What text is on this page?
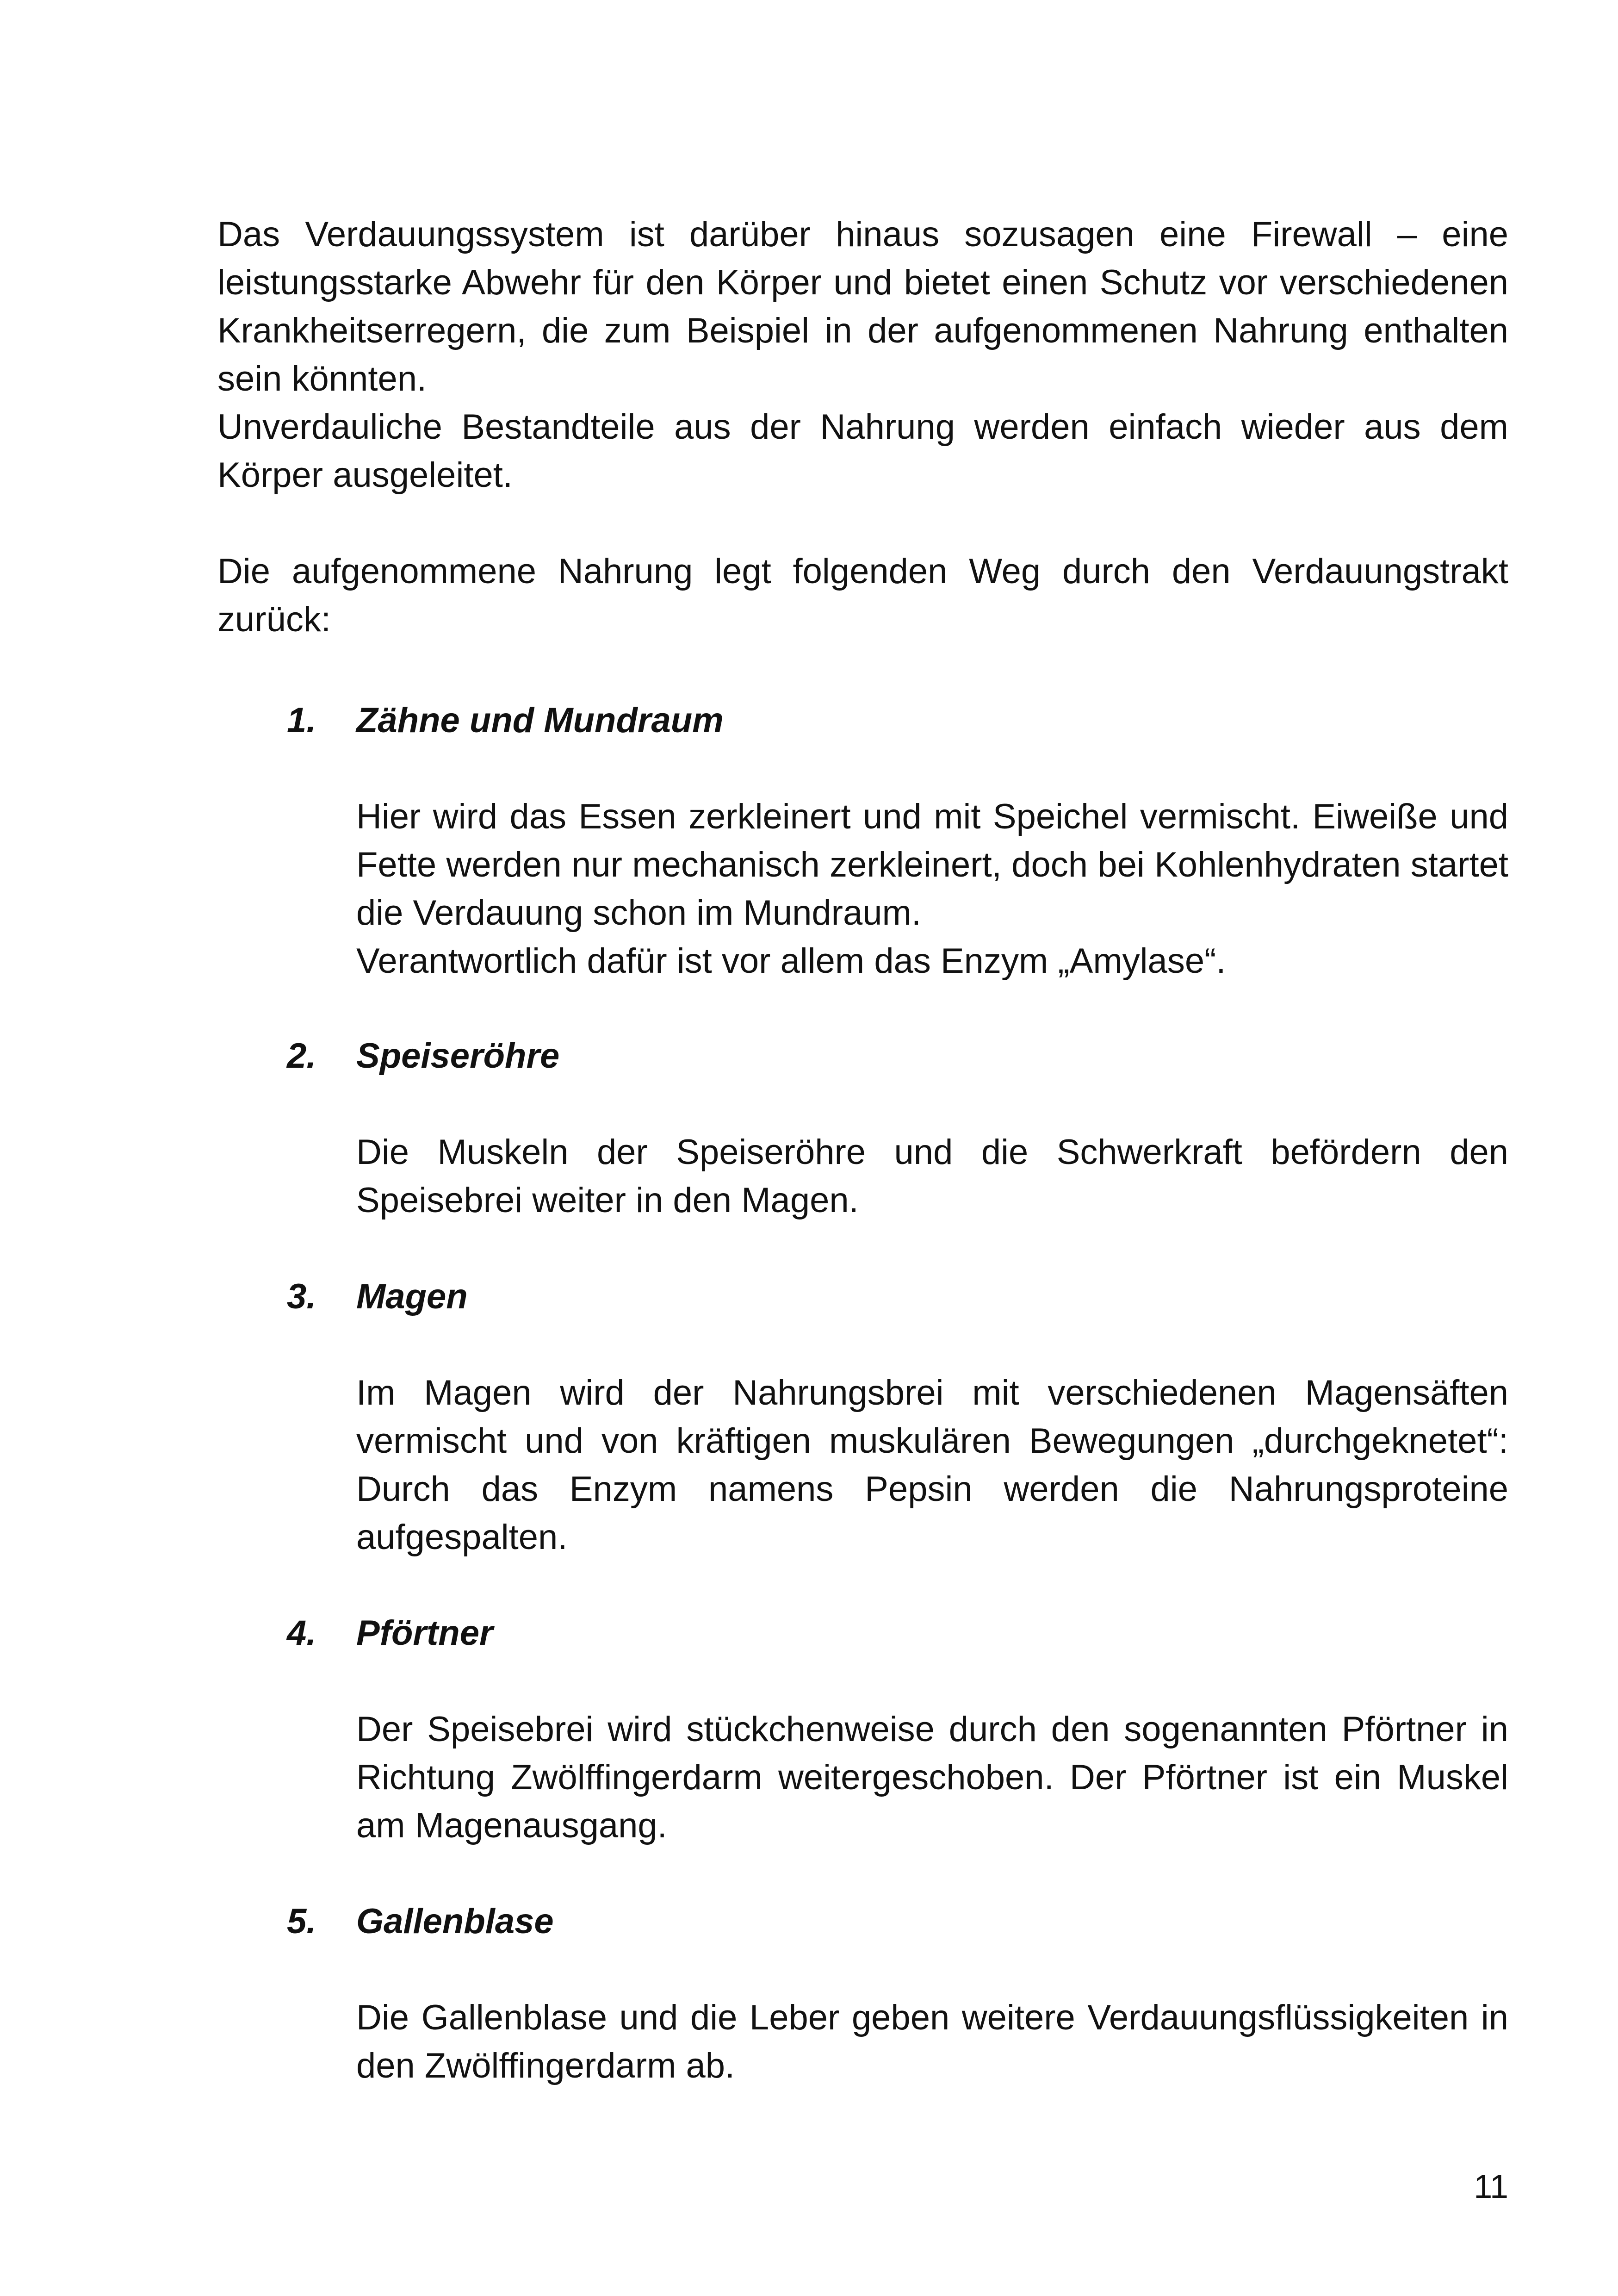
Das Verdauungssystem ist darüber hinaus sozusagen eine Firewall – eine leistungsstarke Abwehr für den Körper und bietet einen Schutz vor verschiedenen Krankheitserregern, die zum Beispiel in der aufgenommenen Nahrung enthalten sein könnten.

Unverdauliche Bestandteile aus der Nahrung werden einfach wieder aus dem Körper ausgeleitet.

Die aufgenommene Nahrung legt folgenden Weg durch den Verdauungstrakt zurück:

1. Zähne und Mundraum

Hier wird das Essen zerkleinert und mit Speichel vermischt. Eiweiße und Fette werden nur mechanisch zerkleinert, doch bei Kohlenhydraten startet die Verdauung schon im Mundraum.

Verantwortlich dafür ist vor allem das Enzym „Amylase“.

2. Speiseröhre

Die Muskeln der Speiseröhre und die Schwerkraft befördern den Speisebrei weiter in den Magen.

3. Magen

Im Magen wird der Nahrungsbrei mit verschiedenen Magensäften vermischt und von kräftigen muskulären Bewegungen „durchgeknetet“: Durch das Enzym namens Pepsin werden die Nahrungsproteine aufgespalten.

4. Pförtner

Der Speisebrei wird stückchenweise durch den sogenannten Pförtner in Richtung Zwölffingerdarm weitergeschoben. Der Pförtner ist ein Muskel am Magenausgang.

5. Gallenblase

Die Gallenblase und die Leber geben weitere Verdauungsflüssigkeiten in den Zwölffingerdarm ab.

11
